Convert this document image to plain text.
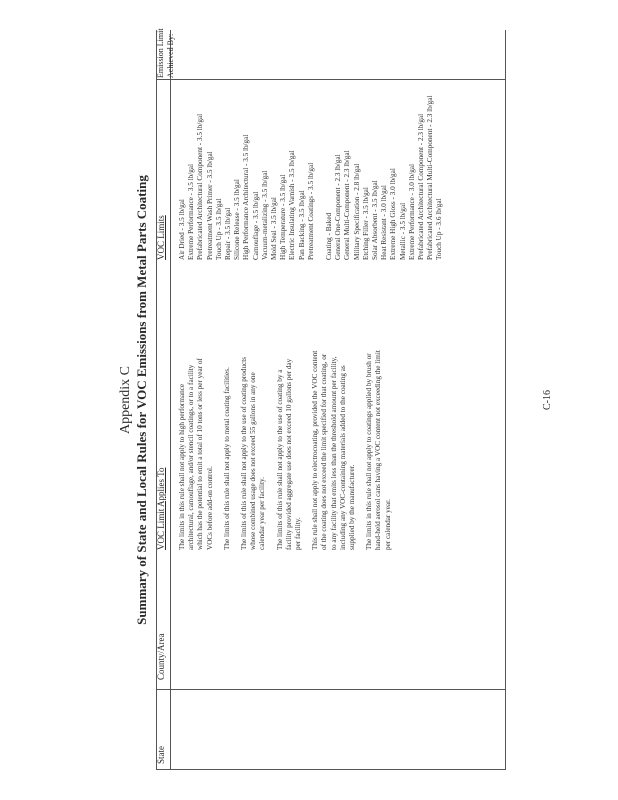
Appendix C Summary of State and Local Rules for VOC Emissions from Metal Parts Coating
State
County/Area
VOC Limit Applies To
VOC Limits
Emission Limit Achieved By:
The limits in this rule shall not apply to high performance architectural, camouflage, and/or stencil coatings, or to a facility which has the potential to emit a total of 10 tons or less per year of VOCs before add-on control. The limits of this rule shall not apply to metal coating facilities. The limits of this rule shall not apply to the use of coating products whose combined usage does not exceed 55 gallons in any one calendar year per facility. The limits of this rule shall not apply to the use of coating by a facility provided aggregate use does not exceed 10 gallons per day per facility. This rule shall not apply to electrocoating, provided the VOC content of the coating does not exceed the limit specified for that coating, or to any facility that emits less than the threshold amount per facility, including any VOC-containing materials added to the coating as supplied by the manufacturer. The limits in this rule shall not apply to coatings applied by brush or hand-held aerosol cans having a VOC content not exceeding the limit per calendar year.
Air Dried - 3.5 lb/gal Extreme Performance - 3.5 lb/gal Prefabricated Architectural Component - 3.5 lb/gal Pretreatment Wash Primer - 3.5 lb/gal Touch Up - 3.5 lb/gal Repair - 3.5 lb/gal Silicone Release - 3.5 lb/gal High Performance Architectural - 3.5 lb/gal Camouflage - 3.5 lb/gal Vacuum-metalizing - 3.5 lb/gal Mold Seal - 3.5 lb/gal High Temperature - 3.5 lb/gal Electric Insulating Varnish - 3.5 lb/gal Pan Backing - 3.5 lb/gal Pretreatment Coatings - 3.5 lb/gal Coating - Baked General One-Component - 2.3 lb/gal General Multi-Component - 2.3 lb/gal Military Specification - 2.8 lb/gal Etching Filler - 3.5 lb/gal Solar Absorbent - 3.5 lb/gal Heat Resistant - 3.0 lb/gal Extreme High Gloss - 3.0 lb/gal Metallic - 3.5 lb/gal Extreme Performance - 3.0 lb/gal Prefabricated Architectural Component - 2.3 lb/gal Prefabricated Architectural Multi-Component - 2.3 lb/gal Touch Up - 3.6 lb/gal
C-16
